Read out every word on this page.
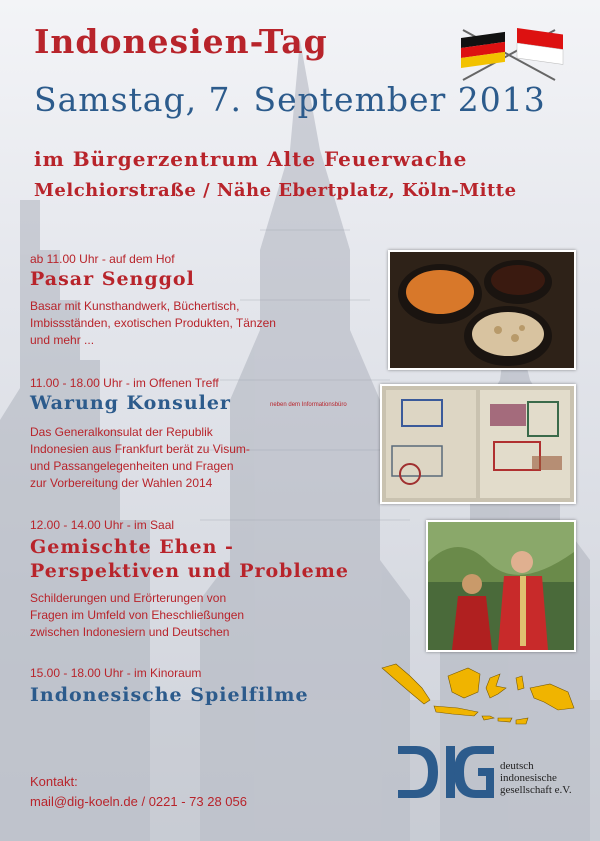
Indonesien-Tag
Samstag, 7. September 2013
im Bürgerzentrum Alte Feuerwache
Melchiorstraße / Nähe Ebertplatz, Köln-Mitte
ab 11.00 Uhr - auf dem Hof
Pasar Senggol
Basar mit Kunsthandwerk, Büchertisch,
Imbissständen, exotischen Produkten, Tänzen
und mehr ...
11.00 - 18.00 Uhr - im Offenen Treff
Warung Konsuler	neben dem Informationsbüro
Das Generalkonsulat der Republik
Indonesien aus Frankfurt berät zu Visum-
und Passangelegenheiten und Fragen
zur Vorbereitung der Wahlen 2014
12.00 - 14.00 Uhr - im Saal
Gemischte Ehen -
Perspektiven und Probleme
Schilderungen und Erörterungen von
Fragen im Umfeld von Eheschließungen
zwischen Indonesiern und Deutschen
15.00 - 18.00 Uhr - im Kinoraum
Indonesische Spielfilme
Kontakt:
mail@dig-koeln.de / 0221 - 73 28 056
deutsch
indonesische
gesellschaft e.V.
